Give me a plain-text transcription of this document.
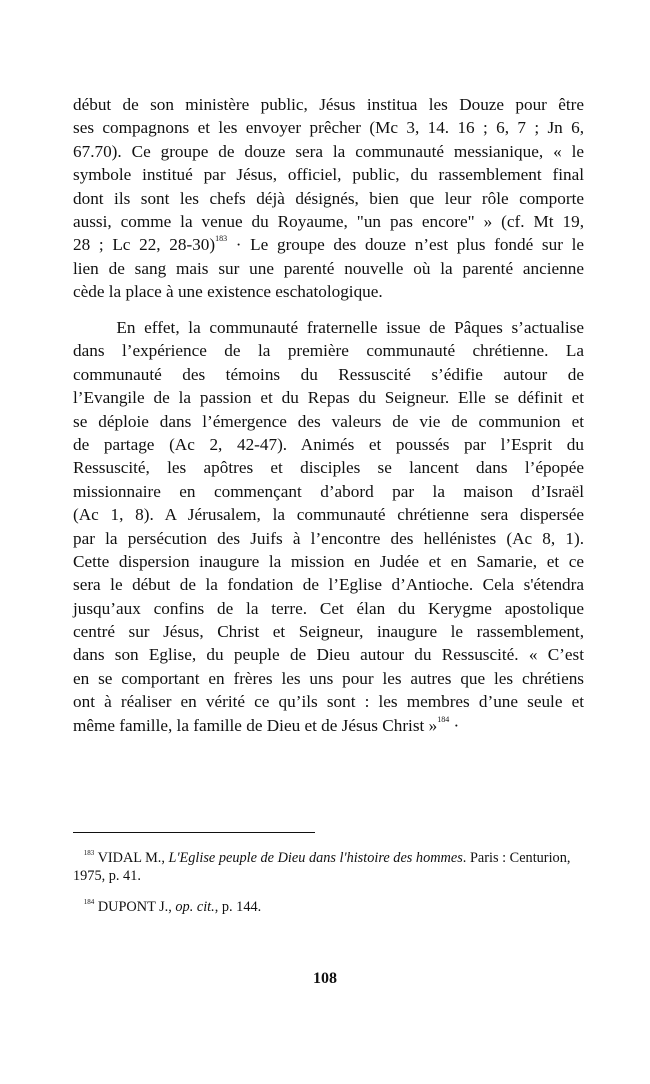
début de son ministère public, Jésus institua les Douze pour être
ses compagnons et les envoyer prêcher (Mc 3, 14. 16 ; 6, 7 ; Jn 6,
67.70). Ce groupe de douze sera la communauté messianique, « le
symbole institué par Jésus, officiel, public, du rassemblement final
dont ils sont les chefs déjà désignés, bien que leur rôle comporte
aussi, comme la venue du Royaume, "un pas encore" » (cf. Mt 19,
28 ; Lc 22, 28-30)$^{183}$ · Le groupe des douze n’est plus fondé sur le
lien de sang mais sur une parenté nouvelle où la parenté ancienne
cède la place à une existence eschatologique.
En effet, la communauté fraternelle issue de Pâques s’actualise
dans l’expérience de la première communauté chrétienne. La
communauté des témoins du Ressuscité s’édifie autour de
l’Evangile de la passion et du Repas du Seigneur. Elle se définit et
se déploie dans l’émergence des valeurs de vie de communion et
de partage (Ac 2, 42-47). Animés et poussés par l’Esprit du
Ressuscité, les apôtres et disciples se lancent dans l’épopée
missionnaire en commençant d’abord par la maison d’Israël
(Ac 1, 8). A Jérusalem, la communauté chrétienne sera dispersée
par la persécution des Juifs à l’encontre des hellénistes (Ac 8, 1).
Cette dispersion inaugure la mission en Judée et en Samarie, et ce
sera le début de la fondation de l’Eglise d’Antioche. Cela s'étendra
jusqu’aux confins de la terre. Cet élan du Kerygme apostolique
centré sur Jésus, Christ et Seigneur, inaugure le rassemblement,
dans son Eglise, du peuple de Dieu autour du Ressuscité. « C’est
en se comportant en frères les uns pour les autres que les chrétiens
ont à réaliser en vérité ce qu’ils sont : les membres d’une seule et
même famille, la famille de Dieu et de Jésus Christ »$^{184}$ ·
$^{183}$ VIDAL M., L'Eglise peuple de Dieu dans l'histoire des hommes. Paris : Centurion, 1975, p. 41.
$^{184}$ DUPONT J., op. cit., p. 144.
108
